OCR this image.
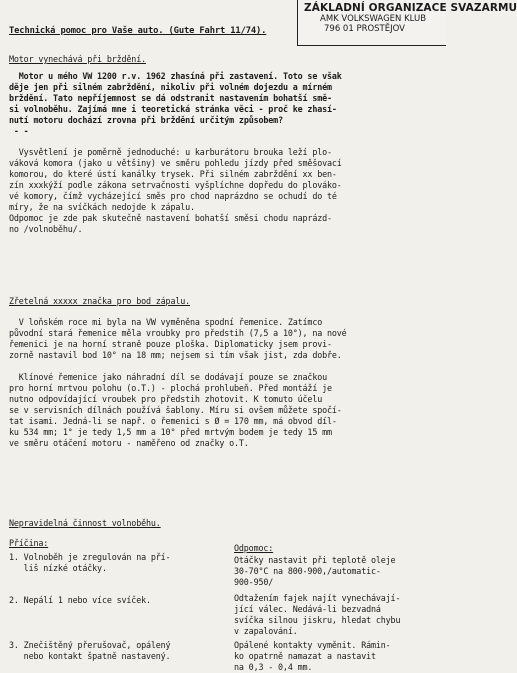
ZÁKLADNÍ ORGANIZACE SVAZARMU
AMK VOLKSWAGEN KLUB
796 01 PROSTĚJOV
Technická pomoc pro Vaše auto. (Gute Fahrt 11/74).
Motor vynechává při brždění.
Motor u mého VW 1200 r.v. 1962 zhasíná při zastavení. Toto se však
děje jen při silném zabrždění, nikoliv při volném dojezdu a mírném
brždění. Tato nepříjemnost se dá odstranit nastavením bohatší smě-
si volnoběhu. Zajímá mne i teoretická stránka věci - proč ke zhasí-
nutí motoru dochází zrovna při brždění určitým způsobem?
- -
Vysvětlení je poměrně jednoduché: u karburátoru brouka leží plo-
váková komora (jako u většiny) ve směru pohledu jízdy před směšovací
komorou, do které ústí kanálky trysek. Při silném zabrždění xx ben-
zín xxxkýží podle zákona setrvačnosti vyšplíchne dopředu do plováko-
vé komory, čímž vycházející směs pro chod naprázdno se ochudí do té
míry, že na svíčkách nedojde k zápalu.
Odpomoc je zde pak skutečně nastavení bohatší směsi chodu naprázd-
no /volnoběhu/.
Zřetelná xxxxx značka pro bod zápalu.
V loňském roce mi byla na VW vyměněna spodní řemenice. Zatímco
původní stará řemenice měla vroubky pro předstih (7,5 a 10°), na nové
řemenici je na horní straně pouze ploška. Diplomaticky jsem provi-
zorně nastavil bod 10° na 18 mm; nejsem si tím však jist, zda dobře.
Klínové řemenice jako náhradní díl se dodávají pouze se značkou
pro horní mrtvou polohu (o.T.) - plochá prohlubeň. Před montáží je
nutno odpovídající vroubek pro předstih zhotovit. K tomuto účelu
se v servisních dílnách používá šablony. Míru si ovšem můžete spočí-
tat isami. Jedná-li se např. o řemenici s Ø = 170 mm, má obvod díl-
ku 534 mm; 1° je tedy 1,5 mm a 10° před mrtvým bodem je tedy 15 mm
ve směru otáčení motoru - naměřeno od značky o.T.
Nepravidelná činnost volnoběhu.
Příčina:	Odpomoc:
1. Volnoběh je zregulován na pří-
liš nízké otáčky.
Otáčky nastavit při teplotě oleje
30-70°C na 800-900,/automatic-
900-950/
2. Nepálí 1 nebo více svíček.	Odtažením fajek najít vynechávají-
jící válec. Nedává-li bezvadná
svíčka silnou jiskru, hledat chybu
v zapalování.
3. Znečištěný přerušovač, opálený
nebo kontakt špatně nastavený.
Opálené kontakty vyměnit. Rámin-
ko opatrně namazat a nastavit
na 0,3 - 0,4 mm.
